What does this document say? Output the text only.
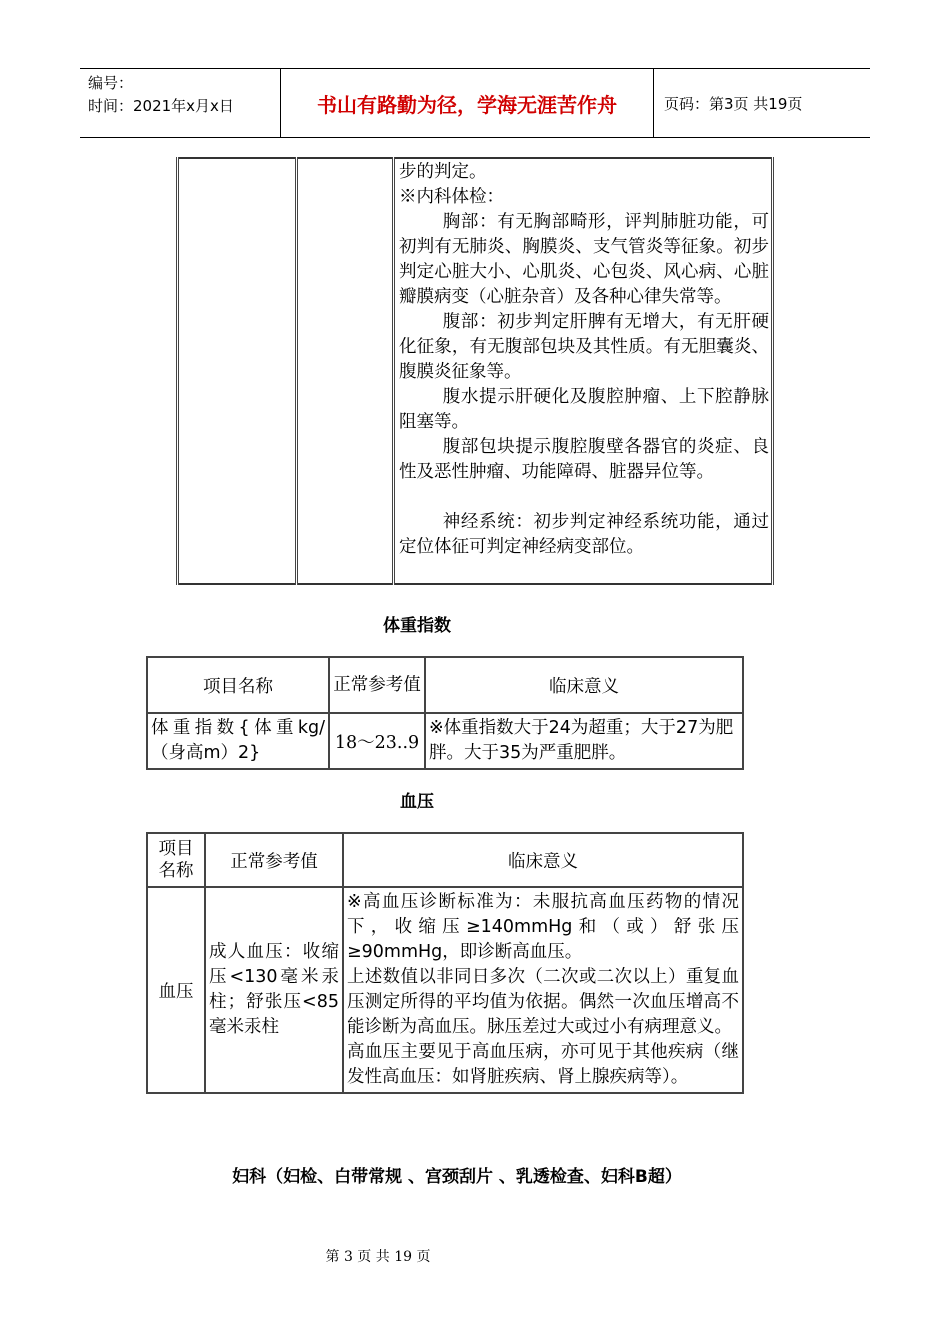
编号：
时间：2021年x月x日	书山有路勤为径，学海无涯苦作舟	页码：第3页 共19页

步的判定。
※内科体检：
胸部：有无胸部畸形，评判肺脏功能，可初判有无肺炎、胸膜炎、支气管炎等征象。初步判定心脏大小、心肌炎、心包炎、风心病、心脏瓣膜病变（心脏杂音）及各种心律失常等。
腹部：初步判定肝脾有无增大，有无肝硬化征象，有无腹部包块及其性质。有无胆囊炎、腹膜炎征象等。
腹水提示肝硬化及腹腔肿瘤、上下腔静脉阻塞等。
腹部包块提示腹腔腹壁各器官的炎症、良性及恶性肿瘤、功能障碍、脏器异位等。
神经系统：初步判定神经系统功能，通过定位体征可判定神经病变部位。
体重指数
项目名称	正常参考值	临床意义
体重指数{体重kg/（身高m）2}	18～23..9	※体重指数大于24为超重；大于27为肥胖。大于35为严重肥胖。
血压
项目名称	正常参考值	临床意义
血压	成人血压：收缩压<130毫米汞柱；舒张压<85毫米汞柱	※高血压诊断标准为：未服抗高血压药物的情况下，收缩压≥140mmHg和（或）舒张压≥90mmHg，即诊断高血压。
上述数值以非同日多次（二次或二次以上）重复血压测定所得的平均值为依据。偶然一次血压增高不能诊断为高血压。脉压差过大或过小有病理意义。
高血压主要见于高血压病，亦可见于其他疾病（继发性高血压：如肾脏疾病、肾上腺疾病等）。
妇科（妇检、白带常规 、宫颈刮片 、乳透检查、妇科B超）
第 3 页 共 19 页
